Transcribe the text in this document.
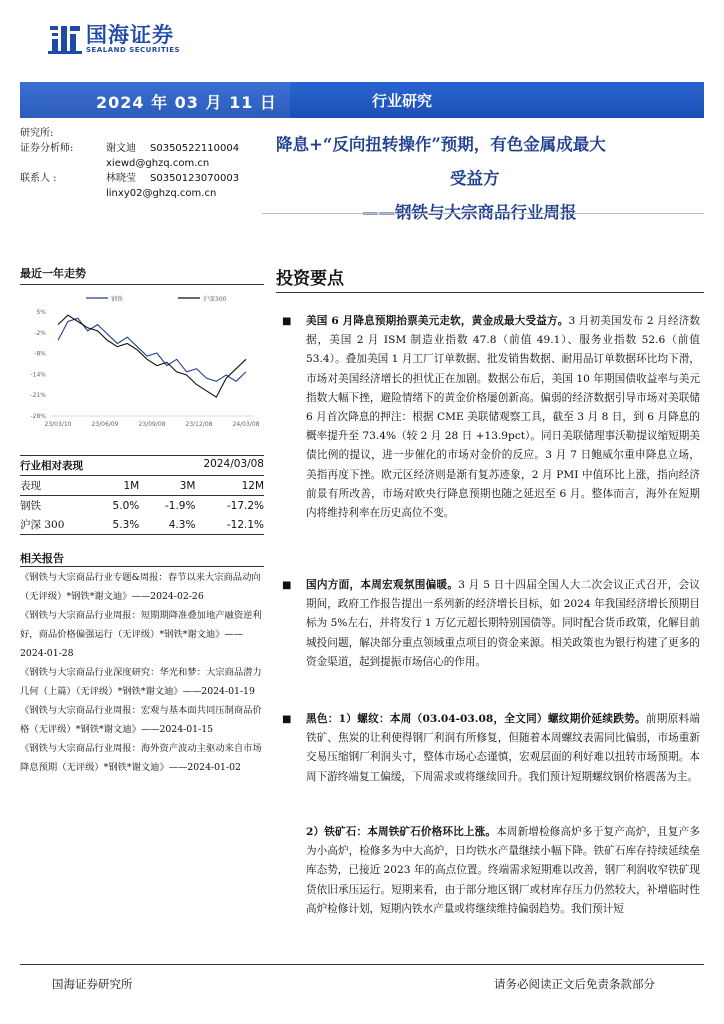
国海证券
SEALAND SECURITIES
2024 年 03 月 11 日	行业研究
研究所:
证券分析师:	谢文迪	S0350522110004
xiewd@ghzq.com.cn
联系人 :	林晓莹	S0350123070003
linxy02@ghzq.com.cn
降息+“反向扭转操作”预期，有色金属成最大
受益方
——钢铁与大宗商品行业周报
最近一年走势
钢铁	沪深300
5%
-2%
-8%
-14%
-21%
-28%
23/03/10	23/06/09	23/09/08	23/12/08	24/03/08
行业相对表现	2024/03/08
表现	1M	3M	12M
钢铁	5.0%	-1.9%	-17.2%
沪深 300	5.3%	4.3%	-12.1%
相关报告
《钢铁与大宗商品行业专题&周报：春节以来大宗商品动向（无评级）*钢铁*谢文迪》——2024-02-26
《钢铁与大宗商品行业周报：短期期降准叠加地产融资逆利好，商品价格偏强运行（无评级）*钢铁*谢文迪》——2024-01-28
《钢铁与大宗商品行业深度研究：华光和梦：大宗商品潜力几何（上篇）（无评级）*钢铁*谢文迪》——2024-01-19
《钢铁与大宗商品行业周报：宏观与基本面共同压制商品价格（无评级）*钢铁*谢文迪》——2024-01-15
《钢铁与大宗商品行业周报：海外资产波动主驱动来自市场降息预期（无评级）*钢铁*谢文迪》——2024-01-02
投资要点
■	美国 6 月降息预期抬票美元走软，黄金成最大受益方。3 月初美国发布 2 月经济数据，美国 2 月 ISM 制造业指数 47.8（前值 49.1）、服务业指数 52.6（前值 53.4）。叠加美国 1 月工厂订单数据、批发销售数据、耐用品订单数据环比均下滑，市场对美国经济增长的担忧正在加剧。数据公布后，美国 10 年期国债收益率与美元指数大幅下挫，避险情绪下的黄金价格屡创新高。偏弱的经济数据引导市场对美联储 6 月首次降息的押注：根据 CME 美联储观察工具，截至 3 月 8 日，到 6 月降息的概率提升至 73.4%（较 2 月 28 日 +13.9pct）。同日美联储理事沃勒提议缩短期美债比例的提议，进一步催化的市场对金价的反应。3 月 7 日鲍威尔重申降息立场，美指再度下挫。欧元区经济则是渐有复苏迹象，2 月 PMI 中值环比上涨，指向经济前景有所改善，市场对欧央行降息预期也随之延迟至 6 月。整体而言，海外在短期内将维持利率在历史高位不变。
■	国内方面，本周宏观氛围偏暖。3 月 5 日十四届全国人大二次会议正式召开，会议期间，政府工作报告提出一系列新的经济增长目标，如 2024 年我国经济增长预期目标为 5%左右，并将发行 1 万亿元超长期特别国债等。同时配合货币政策，化解目前城投问题，解决部分重点领域重点项目的资金来源。相关政策也为银行构建了更多的资金渠道，起到提振市场信心的作用。
■	黑色：1）螺纹：本周（03.04-03.08，全文同）螺纹期价延续跌势。前期原料端铁矿、焦炭的让利使得钢厂利润有所修复，但随着本周螺纹表需同比偏弱，市场重新交易压缩钢厂利润头寸，整体市场心态谨慎，宏观层面的利好难以扭转市场预期。本周下游终端复工偏缓，下周需求或将继续回升。我们预计短期螺纹钢价格震荡为主。
2）铁矿石：本周铁矿石价格环比上涨。本周新增检修高炉多于复产高炉，且复产多为小高炉，检修多为中大高炉，日均铁水产量继续小幅下降。铁矿石库存持续延续垒库态势，已接近 2023 年的高点位置。终端需求短期难以改善，钢厂利润收窄铁矿现货依旧承压运行。短期来看，由于部分地区钢厂或材库存压力仍然较大，补增临时性高炉检修计划，短期内铁水产量或将继续维持偏弱趋势。我们预计短
国海证券研究所	请务必阅读正文后免责条款部分
